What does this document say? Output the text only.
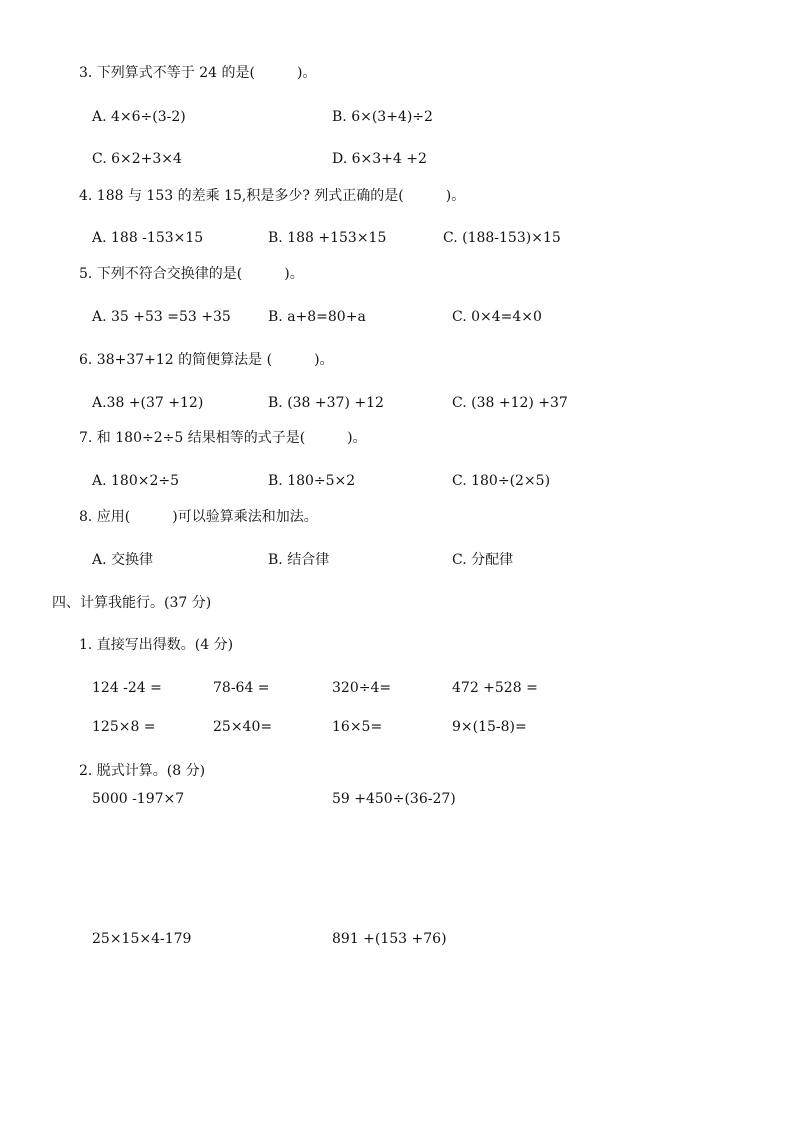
3. 下列算式不等于 24 的是(　　　)。
A. 4×6÷(3-2)	B. 6×(3+4)÷2
C. 6×2+3×4	D. 6×3+4 +2
4. 188 与 153 的差乘 15,积是多少? 列式正确的是(　　　)。
A. 188 -153×15	B. 188 +153×15	C. (188-153)×15
5. 下列不符合交换律的是(　　　)。
A. 35 +53 =53 +35	B. a+8=80+a	C. 0×4=4×0
6. 38+37+12 的简便算法是 (　　　)。
A.38 +(37 +12)	B. (38 +37) +12	C. (38 +12) +37
7. 和 180÷2÷5 结果相等的式子是(　　　)。
A. 180×2÷5	B. 180÷5×2	C. 180÷(2×5)
8. 应用(　　　)可以验算乘法和加法。
A. 交换律	B. 结合律	C. 分配律
四、计算我能行。(37 分)
1. 直接写出得数。(4 分)
124 -24 =	78-64 =	320÷4=	472 +528 =
125×8 =	25×40=	16×5=	9×(15-8)=
2. 脱式计算。(8 分)
5000 -197×7	59 +450÷(36-27)
25×15×4-179	891 +(153 +76)
